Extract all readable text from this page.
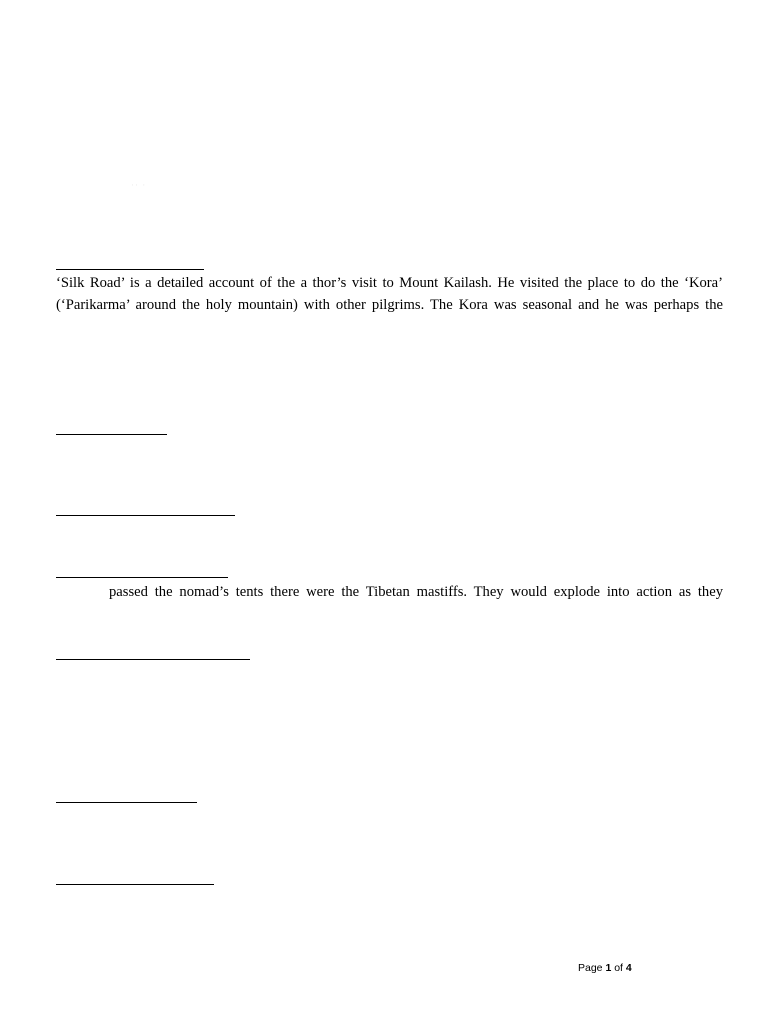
·· ·

‘Silk Road’ is a detailed account of the a thor’s visit to Mount Kailash. He visited the place to do the ‘Kora’

(‘Parikarma’ around the holy mountain) with other pilgrims. The Kora was seasonal and he was perhaps the

passed the nomad’s tents there were the Tibetan mastiffs. They would explode into action as they

Page 1 of 4
